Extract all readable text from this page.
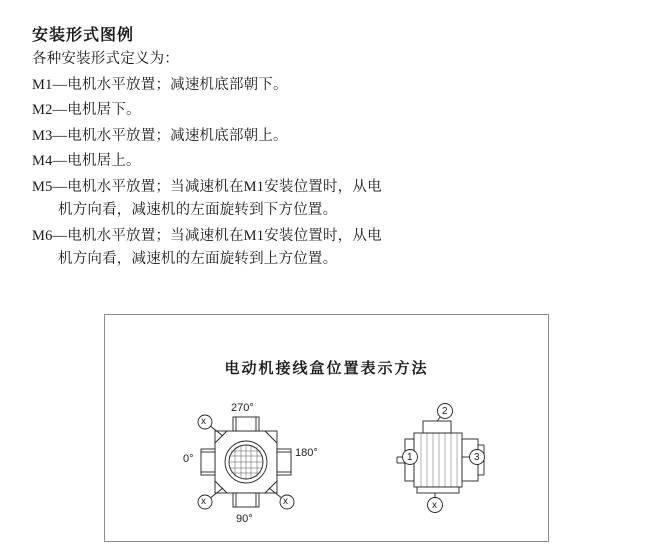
安装形式图例

各种安装形式定义为：

M1—电机水平放置；减速机底部朝下。

M2—电机居下。

M3—电机水平放置；减速机底部朝上。

M4—电机居上。

M5—电机水平放置；当减速机在M1安装位置时，从电
机方向看，减速机的左面旋转到下方位置。

M6—电机水平放置；当减速机在M1安装位置时，从电
机方向看，减速机的左面旋转到上方位置。

电动机接线盒位置表示方法
x
x	x
270°
0°	180°
90°
2
1	3
x
